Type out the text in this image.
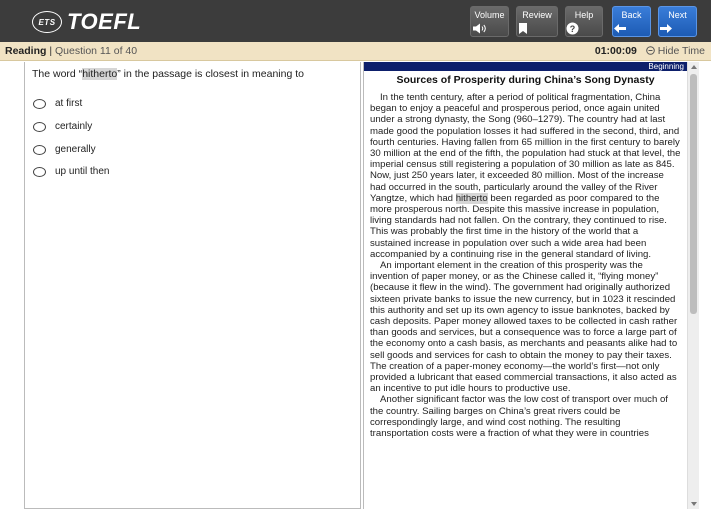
ETS TOEFL	Volume	Review	Help
?
Back	Next
Reading | Question 11 of 40	01:00:09 Hide Time
The word “hitherto” in the passage is closest in meaning to
at first
certainly
generally
up until then
Beginning
Sources of Prosperity during China’s Song Dynasty

In the tenth century, after a period of political fragmentation, China began to enjoy a peaceful and prosperous period, once again united under a strong dynasty, the Song (960–1279). The country had at last made good the population losses it had suffered in the second, third, and fourth centuries. Having fallen from 65 million in the first century to barely 30 million at the end of the fifth, the population had stuck at that level, the imperial census still registering a population of 30 million as late as 845. Now, just 250 years later, it exceeded 80 million. Most of the increase had occurred in the south, particularly around the valley of the River Yangtze, which had hitherto been regarded as poor compared to the more prosperous north. Despite this massive increase in population, living standards had not fallen. On the contrary, they continued to rise. This was probably the first time in the history of the world that a sustained increase in population over such a wide area had been accompanied by a continuing rise in the general standard of living.

An important element in the creation of this prosperity was the invention of paper money, or as the Chinese called it, “flying money” (because it flew in the wind). The government had originally authorized sixteen private banks to issue the new currency, but in 1023 it rescinded this authority and set up its own agency to issue banknotes, backed by cash deposits. Paper money allowed taxes to be collected in cash rather than goods and services, but a consequence was to force a large part of the economy onto a cash basis, as merchants and peasants alike had to sell goods and services for cash to obtain the money to pay their taxes. The creation of a paper-money economy—the world’s first—not only provided a lubricant that eased commercial transactions, it also acted as an incentive to put idle hours to productive use.

Another significant factor was the low cost of transport over much of the country. Sailing barges on China’s great rivers could be correspondingly large, and wind cost nothing. The resulting transportation costs were a fraction of what they were in countries
